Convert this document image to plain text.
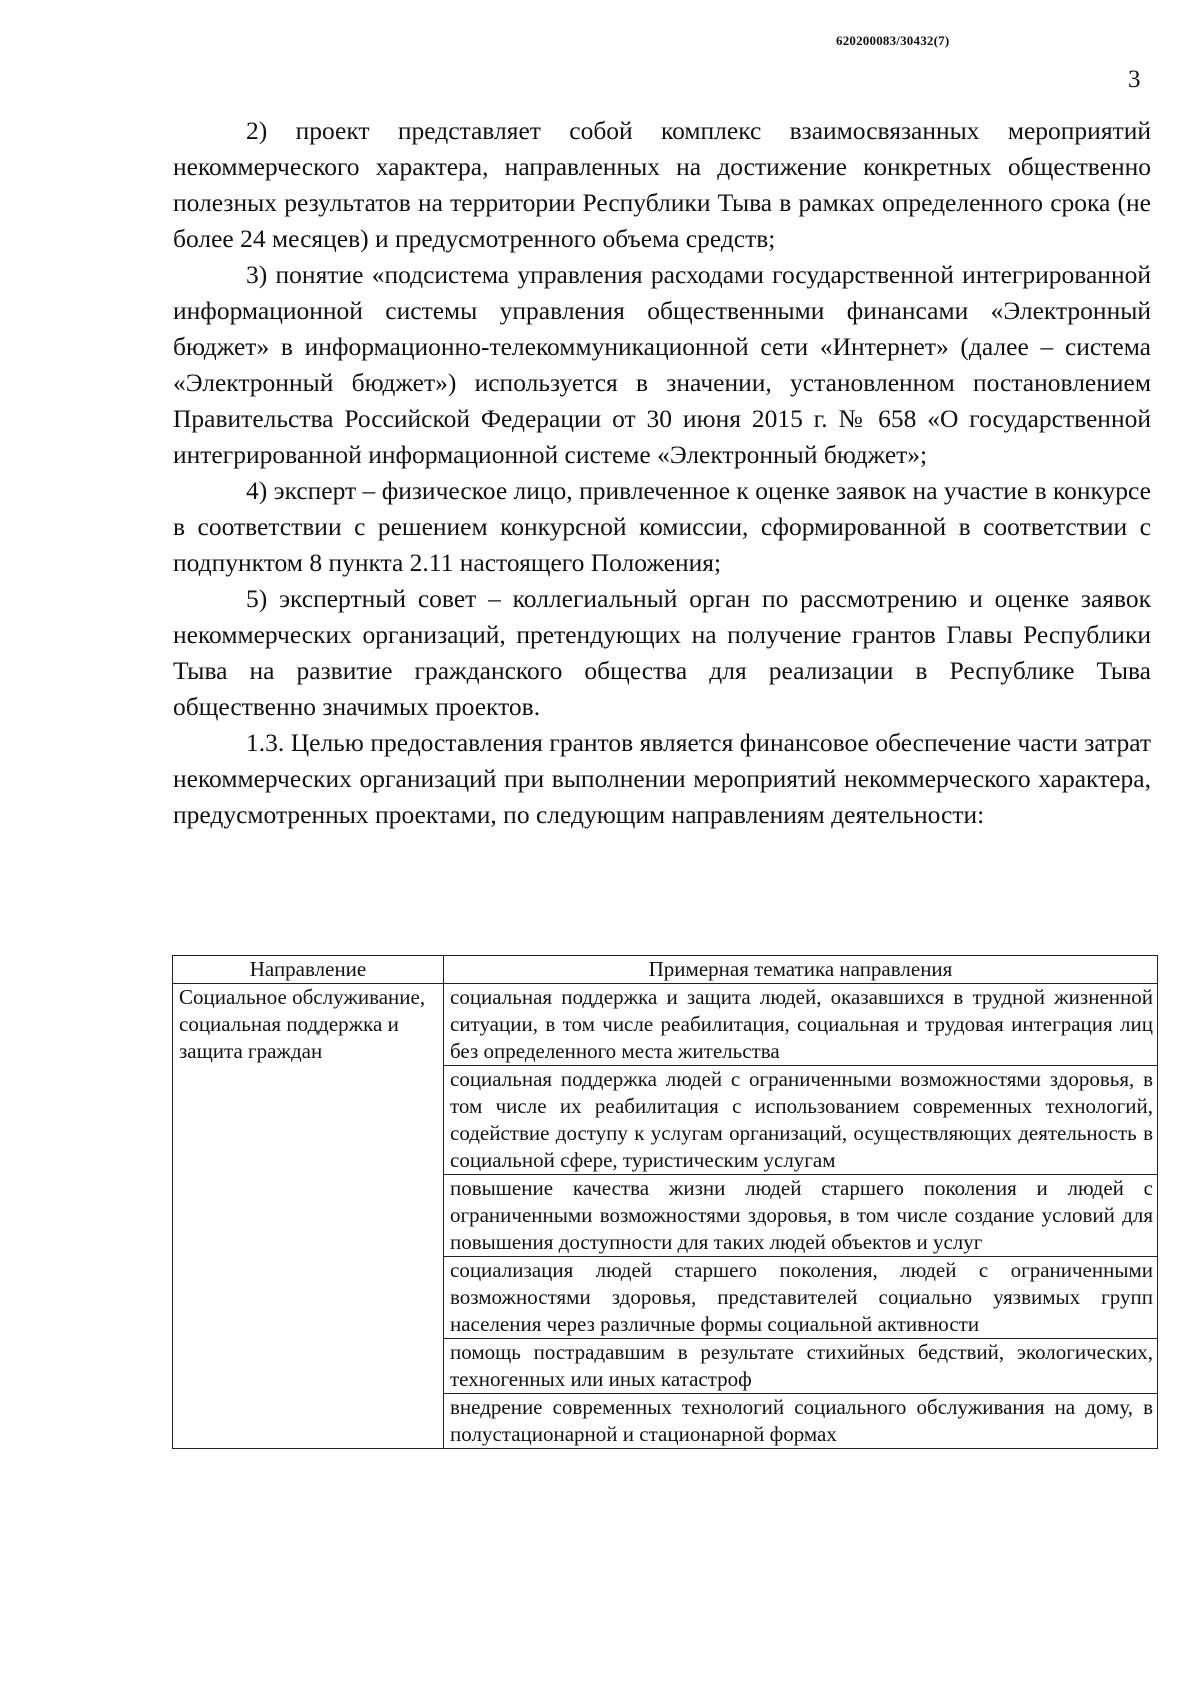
620200083/30432(7)
3

2) проект представляет собой комплекс взаимосвязанных мероприятий некоммерческого характера, направленных на достижение конкретных общественно полезных результатов на территории Республики Тыва в рамках определенного срока (не более 24 месяцев) и предусмотренного объема средств;

3) понятие «подсистема управления расходами государственной интегрированной информационной системы управления общественными финансами «Электронный бюджет» в информационно-телекоммуникационной сети «Интернет» (далее – система «Электронный бюджет») используется в значении, установленном постановлением Правительства Российской Федерации от 30 июня 2015 г. № 658 «О государственной интегрированной информационной системе «Электронный бюджет»;

4) эксперт – физическое лицо, привлеченное к оценке заявок на участие в конкурсе в соответствии с решением конкурсной комиссии, сформированной в соответствии с подпунктом 8 пункта 2.11 настоящего Положения;

5) экспертный совет – коллегиальный орган по рассмотрению и оценке заявок некоммерческих организаций, претендующих на получение грантов Главы Республики Тыва на развитие гражданского общества для реализации в Республике Тыва общественно значимых проектов.

1.3. Целью предоставления грантов является финансовое обеспечение части затрат некоммерческих организаций при выполнении мероприятий некоммерческого характера, предусмотренных проектами, по следующим направлениям деятельности:

Направление	Примерная тематика направления
Социальное обслуживание, социальная поддержка и защита граждан	социальная поддержка и защита людей, оказавшихся в трудной жизненной ситуации, в том числе реабилитация, социальная и трудовая интеграция лиц без определенного места жительства
	социальная поддержка людей с ограниченными возможностями здоровья, в том числе их реабилитация с использованием современных технологий, содействие доступу к услугам организаций, осуществляющих деятельность в социальной сфере, туристическим услугам
	повышение качества жизни людей старшего поколения и людей с ограниченными возможностями здоровья, в том числе создание условий для повышения доступности для таких людей объектов и услуг
	социализация людей старшего поколения, людей с ограниченными возможностями здоровья, представителей социально уязвимых групп населения через различные формы социальной активности
	помощь пострадавшим в результате стихийных бедствий, экологических, техногенных или иных катастроф
	внедрение современных технологий социального обслуживания на дому, в полустационарной и стационарной формах
